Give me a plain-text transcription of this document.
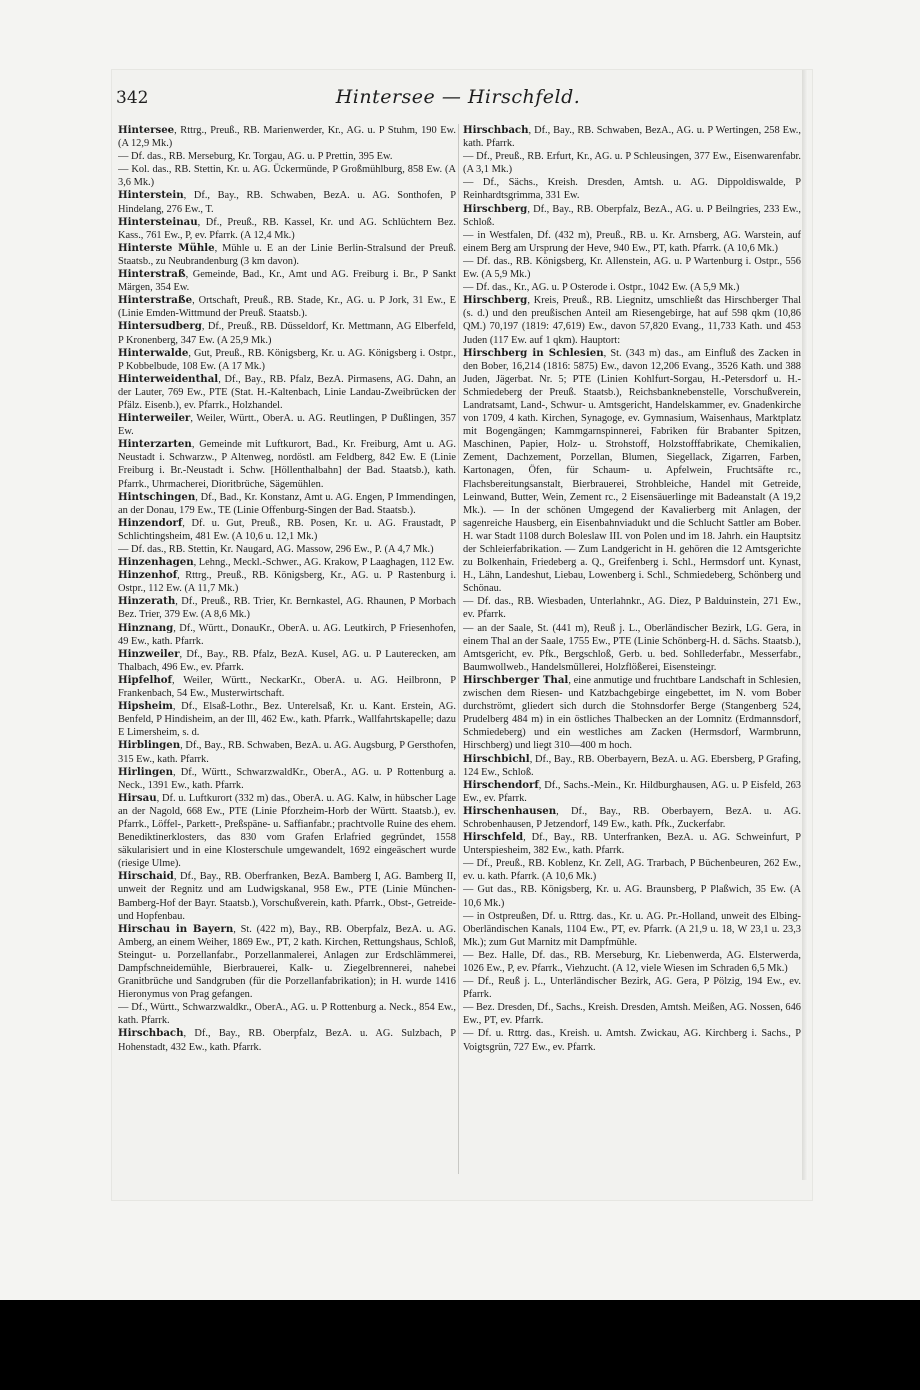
342	Hintersee — Hirschfeld.

Hintersee, Rttrg., Preuß., RB. Marienwerder, Kr., AG. u. P Stuhm, 190 Ew. (A 12,9 Mk.)

— Df. das., RB. Merseburg, Kr. Torgau, AG. u. P Prettin, 395 Ew.

— Kol. das., RB. Stettin, Kr. u. AG. Ückermünde, P Großmühlburg, 858 Ew. (A 3,6 Mk.)

Hinterstein, Df., Bay., RB. Schwaben, BezA. u. AG. Sonthofen, P Hindelang, 276 Ew., T.

Hintersteinau, Df., Preuß., RB. Kassel, Kr. und AG. Schlüchtern Bez. Kass., 761 Ew., P, ev. Pfarrk. (A 12,4 Mk.)

Hinterste Mühle, Mühle u. E an der Linie Berlin-Stralsund der Preuß. Staatsb., zu Neubrandenburg (3 km davon).

Hinterstraß, Gemeinde, Bad., Kr., Amt und AG. Freiburg i. Br., P Sankt Märgen, 354 Ew.

Hinterstraße, Ortschaft, Preuß., RB. Stade, Kr., AG. u. P Jork, 31 Ew., E (Linie Emden-Wittmund der Preuß. Staatsb.).

Hintersudberg, Df., Preuß., RB. Düsseldorf, Kr. Mettmann, AG Elberfeld, P Kronenberg, 347 Ew. (A 25,9 Mk.)

Hinterwalde, Gut, Preuß., RB. Königsberg, Kr. u. AG. Königsberg i. Ostpr., P Kobbelbude, 108 Ew. (A 17 Mk.)

Hinterweidenthal, Df., Bay., RB. Pfalz, BezA. Pirmasens, AG. Dahn, an der Lauter, 769 Ew., PTE (Stat. H.-Kaltenbach, Linie Landau-Zweibrücken der Pfälz. Eisenb.), ev. Pfarrk., Holzhandel.

Hinterweiler, Weiler, Württ., OberA. u. AG. Reutlingen, P Dußlingen, 357 Ew.

Hinterzarten, Gemeinde mit Luftkurort, Bad., Kr. Freiburg, Amt u. AG. Neustadt i. Schwarzw., P Altenweg, nordöstl. am Feldberg, 842 Ew. E (Linie Freiburg i. Br.-Neustadt i. Schw. [Höllenthalbahn] der Bad. Staatsb.), kath. Pfarrk., Uhrmacherei, Dioritbrüche, Sägemühlen.

Hintschingen, Df., Bad., Kr. Konstanz, Amt u. AG. Engen, P Immendingen, an der Donau, 179 Ew., TE (Linie Offenburg-Singen der Bad. Staatsb.).

Hinzendorf, Df. u. Gut, Preuß., RB. Posen, Kr. u. AG. Fraustadt, P Schlichtingsheim, 481 Ew. (A 10,6 u. 12,1 Mk.)

— Df. das., RB. Stettin, Kr. Naugard, AG. Massow, 296 Ew., P. (A 4,7 Mk.)

Hinzenhagen, Lehng., Meckl.-Schwer., AG. Krakow, P Laaghagen, 112 Ew.

Hinzenhof, Rttrg., Preuß., RB. Königsberg, Kr., AG. u. P Rastenburg i. Ostpr., 112 Ew. (A 11,7 Mk.)

Hinzerath, Df., Preuß., RB. Trier, Kr. Bernkastel, AG. Rhaunen, P Morbach Bez. Trier, 379 Ew. (A 8,6 Mk.)

Hinznang, Df., Württ., DonauKr., OberA. u. AG. Leutkirch, P Friesenhofen, 49 Ew., kath. Pfarrk.

Hinzweiler, Df., Bay., RB. Pfalz, BezA. Kusel, AG. u. P Lauterecken, am Thalbach, 496 Ew., ev. Pfarrk.

Hipfelhof, Weiler, Württ., NeckarKr., OberA. u. AG. Heilbronn, P Frankenbach, 54 Ew., Musterwirtschaft.

Hipsheim, Df., Elsaß-Lothr., Bez. Unterelsaß, Kr. u. Kant. Erstein, AG. Benfeld, P Hindisheim, an der Ill, 462 Ew., kath. Pfarrk., Wallfahrtskapelle; dazu E Limersheim, s. d.

Hirblingen, Df., Bay., RB. Schwaben, BezA. u. AG. Augsburg, P Gersthofen, 315 Ew., kath. Pfarrk.

Hirlingen, Df., Württ., SchwarzwaldKr., OberA., AG. u. P Rottenburg a. Neck., 1391 Ew., kath. Pfarrk.

Hirsau, Df. u. Luftkurort (332 m) das., OberA. u. AG. Kalw, in hübscher Lage an der Nagold, 668 Ew., PTE (Linie Pforzheim-Horb der Württ. Staatsb.), ev. Pfarrk., Löffel-, Parkett-, Preßspäne- u. Saffianfabr.; prachtvolle Ruine des ehem. Benediktinerklosters, das 830 vom Grafen Erlafried gegründet, 1558 säkularisiert und in eine Klosterschule umgewandelt, 1692 eingeäschert wurde (riesige Ulme).

Hirschaid, Df., Bay., RB. Oberfranken, BezA. Bamberg I, AG. Bamberg II, unweit der Regnitz und am Ludwigskanal, 958 Ew., PTE (Linie München-Bamberg-Hof der Bayr. Staatsb.), Vorschußverein, kath. Pfarrk., Obst-, Getreide- und Hopfenbau.

Hirschau in Bayern, St. (422 m), Bay., RB. Oberpfalz, BezA. u. AG. Amberg, an einem Weiher, 1869 Ew., PT, 2 kath. Kirchen, Rettungshaus, Schloß, Steingut- u. Porzellanfabr., Porzellanmalerei, Anlagen zur Erdschlämmerei, Dampfschneidemühle, Bierbrauerei, Kalk- u. Ziegelbrennerei, nahebei Granitbrüche und Sandgruben (für die Porzellanfabrikation); in H. wurde 1416 Hieronymus von Prag gefangen.

— Df., Württ., Schwarzwaldkr., OberA., AG. u. P Rottenburg a. Neck., 854 Ew., kath. Pfarrk.

Hirschbach, Df., Bay., RB. Oberpfalz, BezA. u. AG. Sulzbach, P Hohenstadt, 432 Ew., kath. Pfarrk.

Hirschbach, Df., Bay., RB. Schwaben, BezA., AG. u. P Wertingen, 258 Ew., kath. Pfarrk.

— Df., Preuß., RB. Erfurt, Kr., AG. u. P Schleusingen, 377 Ew., Eisenwarenfabr. (A 3,1 Mk.)

— Df., Sächs., Kreish. Dresden, Amtsh. u. AG. Dippoldiswalde, P Reinhardtsgrimma, 331 Ew.

Hirschberg, Df., Bay., RB. Oberpfalz, BezA., AG. u. P Beilngries, 233 Ew., Schloß.

— in Westfalen, Df. (432 m), Preuß., RB. u. Kr. Arnsberg, AG. Warstein, auf einem Berg am Ursprung der Heve, 940 Ew., PT, kath. Pfarrk. (A 10,6 Mk.)

— Df. das., RB. Königsberg, Kr. Allenstein, AG. u. P Wartenburg i. Ostpr., 556 Ew. (A 5,9 Mk.)

— Df. das., Kr., AG. u. P Osterode i. Ostpr., 1042 Ew. (A 5,9 Mk.)

Hirschberg, Kreis, Preuß., RB. Liegnitz, umschließt das Hirschberger Thal (s. d.) und den preußischen Anteil am Riesengebirge, hat auf 598 qkm (10,86 QM.) 70,197 (1819: 47,619) Ew., davon 57,820 Evang., 11,733 Kath. und 453 Juden (117 Ew. auf 1 qkm). Hauptort:

Hirschberg in Schlesien, St. (343 m) das., am Einfluß des Zacken in den Bober, 16,214 (1816: 5875) Ew., davon 12,206 Evang., 3526 Kath. und 388 Juden, Jägerbat. Nr. 5; PTE (Linien Kohlfurt-Sorgau, H.-Petersdorf u. H.-Schmiedeberg der Preuß. Staatsb.), Reichsbanknebenstelle, Vorschußverein, Landratsamt, Land-, Schwur- u. Amtsgericht, Handelskammer, ev. Gnadenkirche von 1709, 4 kath. Kirchen, Synagoge, ev. Gymnasium, Waisenhaus, Marktplatz mit Bogengängen; Kammgarnspinnerei, Fabriken für Brabanter Spitzen, Maschinen, Papier, Holz- u. Strohstoff, Holzstofffabrikate, Chemikalien, Zement, Dachzement, Porzellan, Blumen, Siegellack, Zigarren, Farben, Kartonagen, Öfen, für Schaum- u. Apfelwein, Fruchtsäfte rc., Flachsbereitungsanstalt, Bierbrauerei, Strohbleiche, Handel mit Getreide, Leinwand, Butter, Wein, Zement rc., 2 Eisensäuerlinge mit Badeanstalt (A 19,2 Mk.). — In der schönen Umgegend der Kavalierberg mit Anlagen, der sagenreiche Hausberg, ein Eisenbahnviadukt und die Schlucht Sattler am Bober. H. war Stadt 1108 durch Boleslaw III. von Polen und im 18. Jahrh. ein Hauptsitz der Schleierfabrikation. — Zum Landgericht in H. gehören die 12 Amtsgerichte zu Bolkenhain, Friedeberg a. Q., Greifenberg i. Schl., Hermsdorf unt. Kynast, H., Lähn, Landeshut, Liebau, Lowenberg i. Schl., Schmiedeberg, Schönberg und Schönau.

— Df. das., RB. Wiesbaden, Unterlahnkr., AG. Diez, P Balduinstein, 271 Ew., ev. Pfarrk.

— an der Saale, St. (441 m), Reuß j. L., Oberländischer Bezirk, LG. Gera, in einem Thal an der Saale, 1755 Ew., PTE (Linie Schönberg-H. d. Sächs. Staatsb.), Amtsgericht, ev. Pfk., Bergschloß, Gerb. u. bed. Sohllederfabr., Messerfabr., Baumwollweb., Handelsmüllerei, Holzflößerei, Eisensteingr.

Hirschberger Thal, eine anmutige und fruchtbare Landschaft in Schlesien, zwischen dem Riesen- und Katzbachgebirge eingebettet, im N. vom Bober durchströmt, gliedert sich durch die Stohnsdorfer Berge (Stangenberg 524, Prudelberg 484 m) in ein östliches Thalbecken an der Lomnitz (Erdmannsdorf, Schmiedeberg) und ein westliches am Zacken (Hermsdorf, Warmbrunn, Hirschberg) und liegt 310—400 m hoch.

Hirschbichl, Df., Bay., RB. Oberbayern, BezA. u. AG. Ebersberg, P Grafing, 124 Ew., Schloß.

Hirschendorf, Df., Sachs.-Mein., Kr. Hildburghausen, AG. u. P Eisfeld, 263 Ew., ev. Pfarrk.

Hirschenhausen, Df., Bay., RB. Oberbayern, BezA. u. AG. Schrobenhausen, P Jetzendorf, 149 Ew., kath. Pfk., Zuckerfabr.

Hirschfeld, Df., Bay., RB. Unterfranken, BezA. u. AG. Schweinfurt, P Unterspiesheim, 382 Ew., kath. Pfarrk.

— Df., Preuß., RB. Koblenz, Kr. Zell, AG. Trarbach, P Büchenbeuren, 262 Ew., ev. u. kath. Pfarrk. (A 10,6 Mk.)

— Gut das., RB. Königsberg, Kr. u. AG. Braunsberg, P Plaßwich, 35 Ew. (A 10,6 Mk.)

— in Ostpreußen, Df. u. Rttrg. das., Kr. u. AG. Pr.-Holland, unweit des Elbing-Oberländischen Kanals, 1104 Ew., PT, ev. Pfarrk. (A 21,9 u. 18, W 23,1 u. 23,3 Mk.); zum Gut Marnitz mit Dampfmühle.

— Bez. Halle, Df. das., RB. Merseburg, Kr. Liebenwerda, AG. Elsterwerda, 1026 Ew., P, ev. Pfarrk., Viehzucht. (A 12, viele Wiesen im Schraden 6,5 Mk.)

— Df., Reuß j. L., Unterländischer Bezirk, AG. Gera, P Pölzig, 194 Ew., ev. Pfarrk.

— Bez. Dresden, Df., Sachs., Kreish. Dresden, Amtsh. Meißen, AG. Nossen, 646 Ew., PT, ev. Pfarrk.

— Df. u. Rttrg. das., Kreish. u. Amtsh. Zwickau, AG. Kirchberg i. Sachs., P Voigtsgrün, 727 Ew., ev. Pfarrk.
